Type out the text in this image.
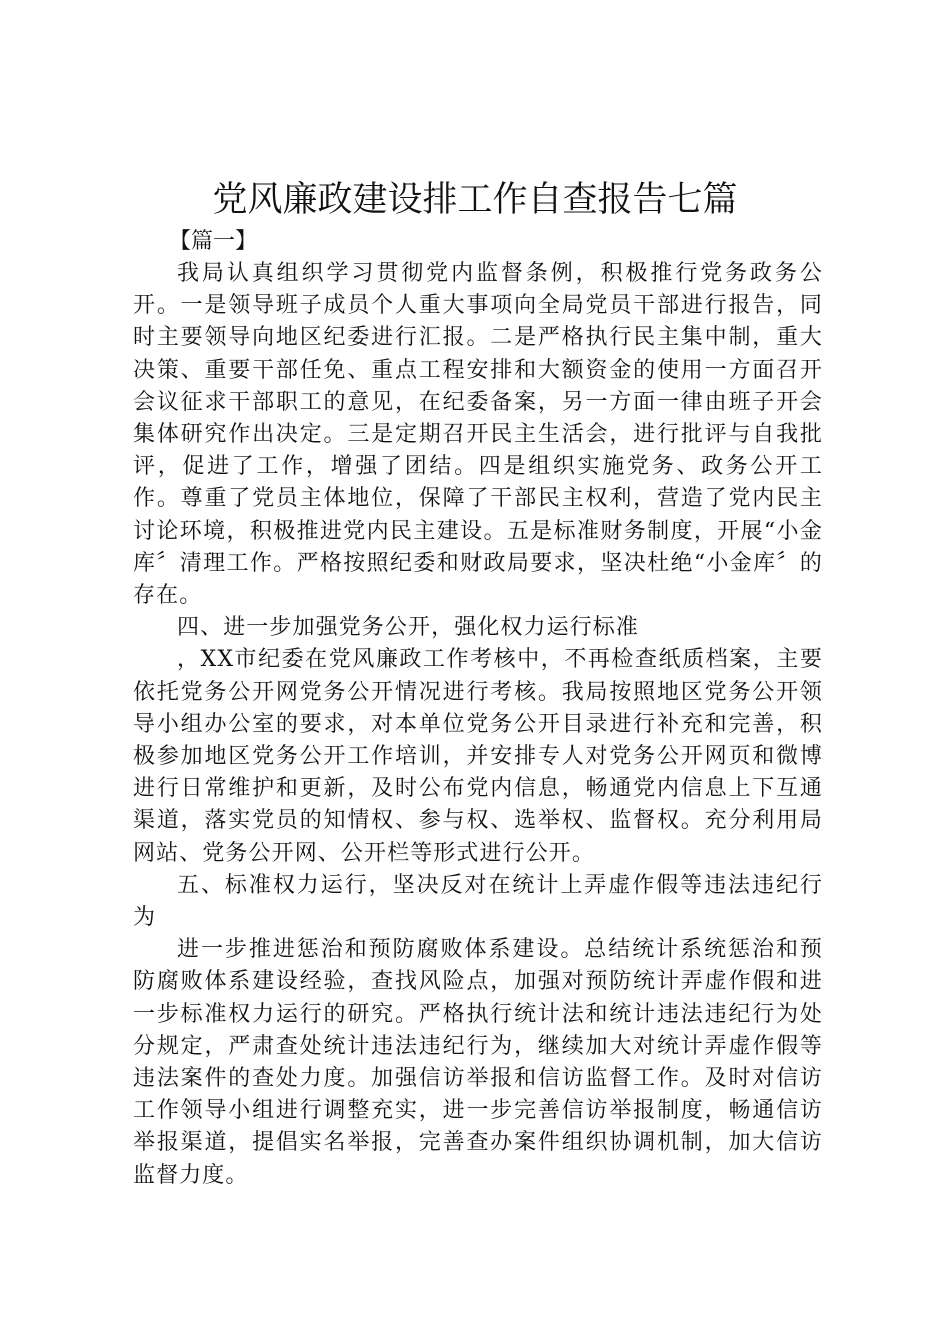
党风廉政建设排工作自查报告七篇
【篇一】

我局认真组织学习贯彻党内监督条例，积极推行党务政务公开。一是领导班子成员个人重大事项向全局党员干部进行报告，同时主要领导向地区纪委进行汇报。二是严格执行民主集中制，重大决策、重要干部任免、重点工程安排和大额资金的使用一方面召开会议征求干部职工的意见，在纪委备案，另一方面一律由班子开会集体研究作出决定。三是定期召开民主生活会，进行批评与自我批评，促进了工作，增强了团结。四是组织实施党务、政务公开工作。尊重了党员主体地位，保障了干部民主权利，营造了党内民主讨论环境，积极推进党内民主建设。五是标准财务制度，开展“小金库〞清理工作。严格按照纪委和财政局要求，坚决杜绝“小金库〞的存在。

四、进一步加强党务公开，强化权力运行标准

，XX市纪委在党风廉政工作考核中，不再检查纸质档案，主要依托党务公开网党务公开情况进行考核。我局按照地区党务公开领导小组办公室的要求，对本单位党务公开目录进行补充和完善，积极参加地区党务公开工作培训，并安排专人对党务公开网页和微博进行日常维护和更新，及时公布党内信息，畅通党内信息上下互通渠道，落实党员的知情权、参与权、选举权、监督权。充分利用局网站、党务公开网、公开栏等形式进行公开。

五、标准权力运行，坚决反对在统计上弄虚作假等违法违纪行为

进一步推进惩治和预防腐败体系建设。总结统计系统惩治和预防腐败体系建设经验，查找风险点，加强对预防统计弄虚作假和进一步标准权力运行的研究。严格执行统计法和统计违法违纪行为处分规定，严肃查处统计违法违纪行为，继续加大对统计弄虚作假等违法案件的查处力度。加强信访举报和信访监督工作。及时对信访工作领导小组进行调整充实，进一步完善信访举报制度，畅通信访举报渠道，提倡实名举报，完善查办案件组织协调机制，加大信访监督力度。
